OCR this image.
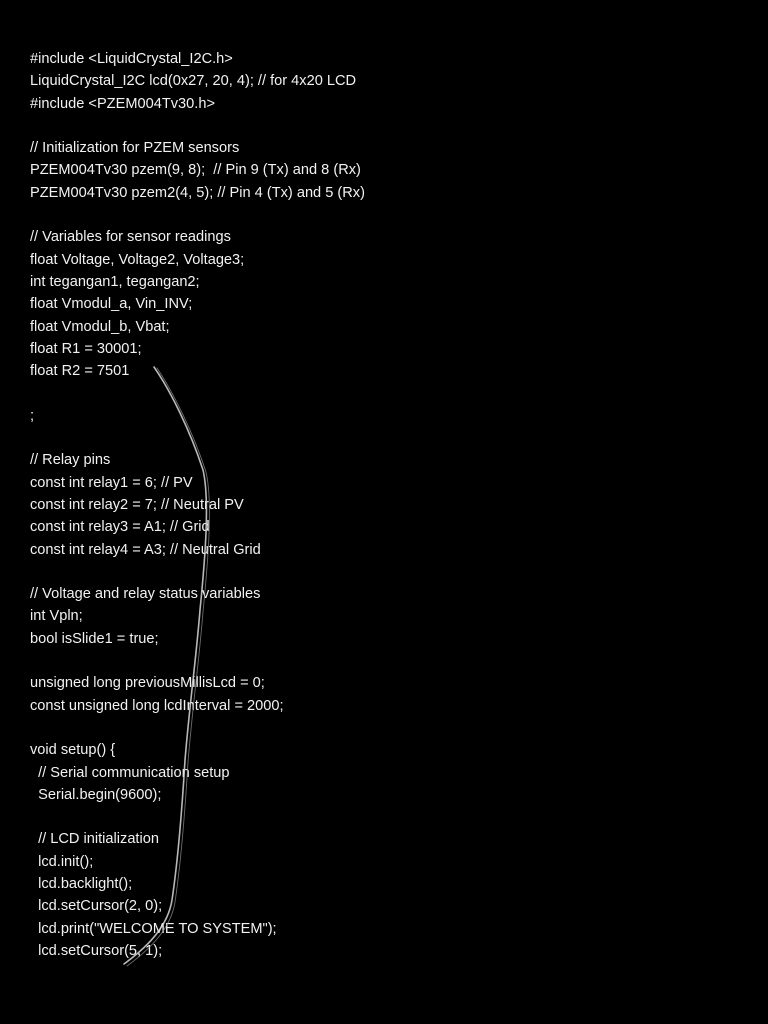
#include <LiquidCrystal_I2C.h>
LiquidCrystal_I2C lcd(0x27, 20, 4); // for 4x20 LCD
#include <PZEM004Tv30.h>
// Initialization for PZEM sensors
PZEM004Tv30 pzem(9, 8);  // Pin 9 (Tx) and 8 (Rx)
PZEM004Tv30 pzem2(4, 5); // Pin 4 (Tx) and 5 (Rx)
// Variables for sensor readings
float Voltage, Voltage2, Voltage3;
int tegangan1, tegangan2;
float Vmodul_a, Vin_INV;
float Vmodul_b, Vbat;
float R1 = 30001;
float R2 = 7501
;
// Relay pins
const int relay1 = 6; // PV
const int relay2 = 7; // Neutral PV
const int relay3 = A1; // Grid
const int relay4 = A3; // Neutral Grid
// Voltage and relay status variables
int Vpln;
bool isSlide1 = true;
unsigned long previousMillisLcd = 0;
const unsigned long lcdInterval = 2000;
void setup() {
// Serial communication setup
Serial.begin(9600);
// LCD initialization
lcd.init();
lcd.backlight();
lcd.setCursor(2, 0);
lcd.print("WELCOME TO SYSTEM");
lcd.setCursor(5, 1);
